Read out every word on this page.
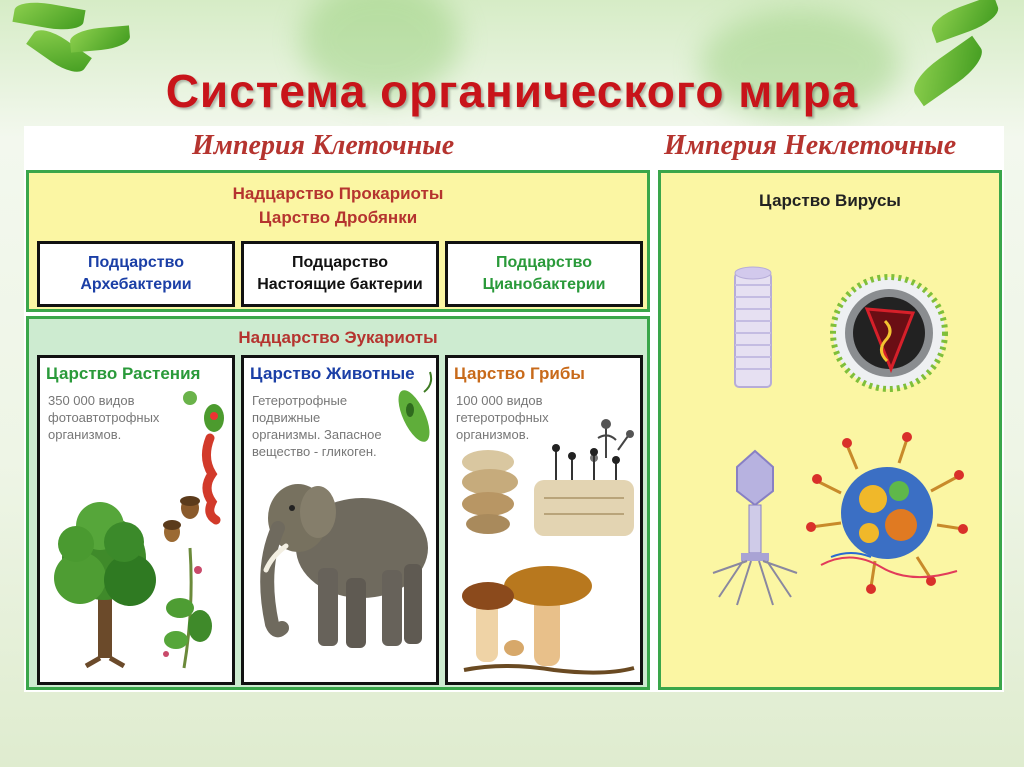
Система органического мира
Империя Клеточные	Империя Неклеточные
Надцарство Прокариоты
Царство Дробянки
Подцарство
Архебактерии
Подцарство
Настоящие бактерии
Подцарство
Цианобактерии
Надцарство Эукариоты
Царство Растения
350 000 видов фотоавтотрофных организмов.
Царство Животные
Гетеротрофные подвижные организмы. Запасное вещество - гликоген.
Царство Грибы
100 000 видов гетеротрофных организмов.
Царство Вирусы
